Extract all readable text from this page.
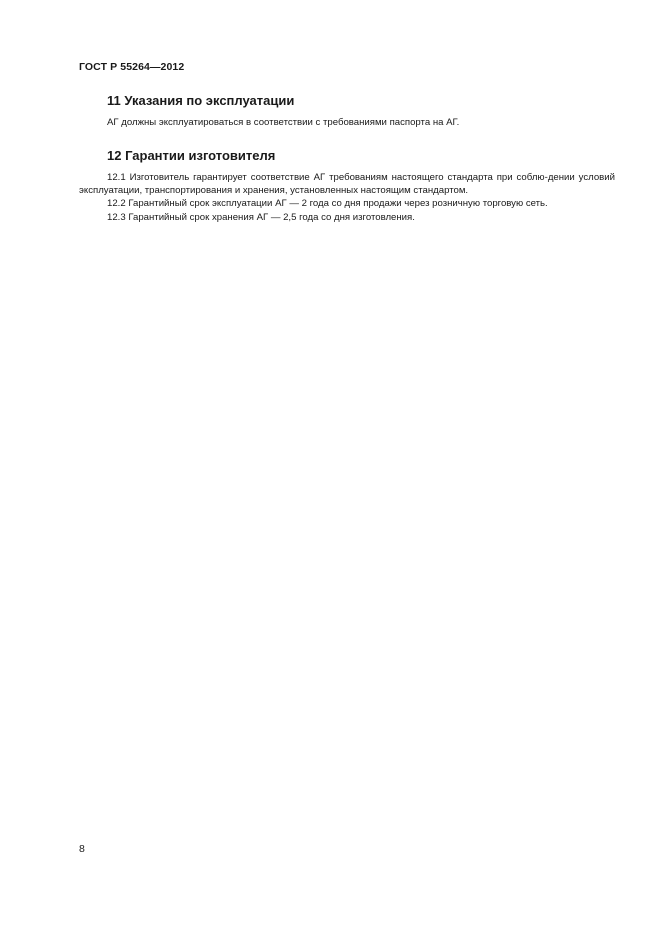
ГОСТ Р 55264—2012
11 Указания по эксплуатации
АГ должны эксплуатироваться в соответствии с требованиями паспорта на АГ.
12 Гарантии изготовителя
12.1 Изготовитель гарантирует соответствие АГ требованиям настоящего стандарта при соблю-дении условий эксплуатации, транспортирования и хранения, установленных настоящим стандартом.
12.2 Гарантийный срок эксплуатации АГ — 2 года со дня продажи через розничную торговую сеть.
12.3 Гарантийный срок хранения АГ — 2,5 года со дня изготовления.
8
